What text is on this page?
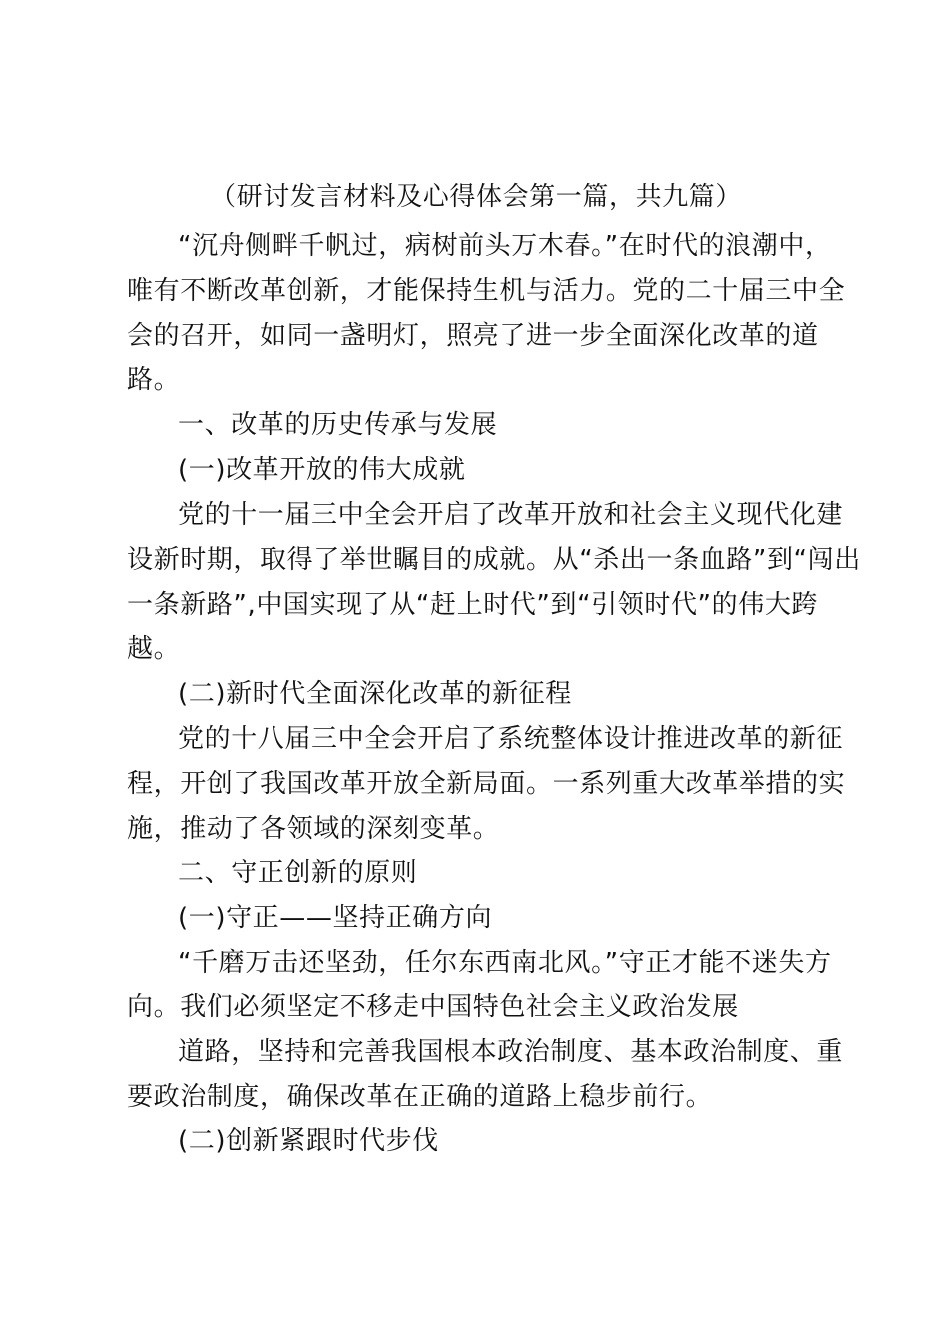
（研讨发言材料及心得体会第一篇，共九篇）
“沉舟侧畔千帆过，病树前头万木春。”在时代的浪潮中，
唯有不断改革创新，才能保持生机与活力。党的二十届三中全
会的召开，如同一盏明灯，照亮了进一步全面深化改革的道
路。
一、改革的历史传承与发展
(一)改革开放的伟大成就
党的十一届三中全会开启了改革开放和社会主义现代化建
设新时期，取得了举世瞩目的成就。从“杀出一条血路”到“闯出
一条新路”,中国实现了从“赶上时代”到“引领时代”的伟大跨
越。
(二)新时代全面深化改革的新征程
党的十八届三中全会开启了系统整体设计推进改革的新征
程，开创了我国改革开放全新局面。一系列重大改革举措的实
施，推动了各领域的深刻变革。
二、守正创新的原则
(一)守正——坚持正确方向
“千磨万击还坚劲，任尔东西南北风。”守正才能不迷失方
向。我们必须坚定不移走中国特色社会主义政治发展
道路，坚持和完善我国根本政治制度、基本政治制度、重
要政治制度，确保改革在正确的道路上稳步前行。
(二)创新紧跟时代步伐
